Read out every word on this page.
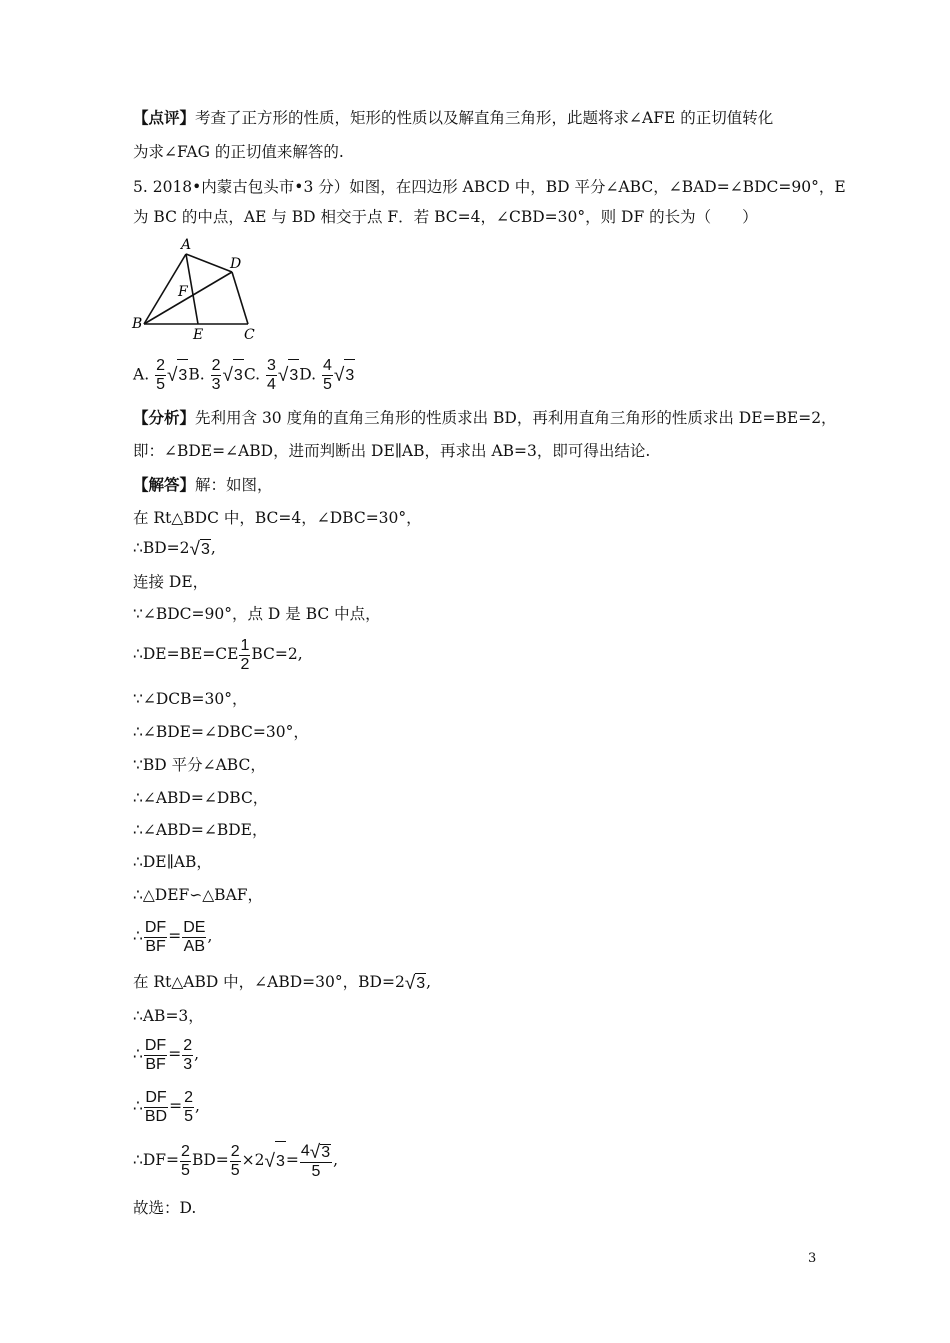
【点评】考查了正方形的性质，矩形的性质以及解直角三角形，此题将求∠AFE 的正切值转化
为求∠FAG 的正切值来解答的.
5. 2018•内蒙古包头市•3 分）如图，在四边形 ABCD 中，BD 平分∠ABC，∠BAD=∠BDC=90°，E
为 BC 的中点，AE 与 BD 相交于点 F．若 BC=4，∠CBD=30°，则 DF 的长为（　　）
A
D
F
B
E	C
A. $\frac{2}{5} √3B$. $\frac{2}{3} √3C$. $\frac{3}{4} √3D$. $\frac{4}{5} √3$
【分析】先利用含 30 度角的直角三角形的性质求出 BD，再利用直角三角形的性质求出 DE=BE=2，
即：∠BDE=∠ABD，进而判断出 DE∥AB，再求出 AB=3，即可得出结论.
【解答】解：如图，
在 Rt△BDC 中，BC=4，∠DBC=30°，
∴BD=2√3,
连接 DE，
∵∠BDC=90°，点 D 是 BC 中点，
∴DE=BE=CE $\frac{1}{2} BC=2$,
∵∠DCB=30°，
∴∠BDE=∠DBC=30°，
∵BD 平分∠ABC，
∴∠ABD=∠DBC，
∴∠ABD=∠BDE，
∴DE∥AB，
∴△DEF∽△BAF，
∴ $\frac{DF}{BF} = \frac{DE}{AB}$ ,
在 Rt△ABD 中，∠ABD=30°，BD=2√3,
∴AB=3，
∴ $\frac{DF}{BF} = \frac{2}{3}$ ,
∴ $\frac{DF}{BD} = \frac{2}{5}$ ,
∴DF= $\frac{2}{5} BD= \frac{2}{5} \times 2√3= \frac{4√3}{5}$ ,
故选：D.
3
